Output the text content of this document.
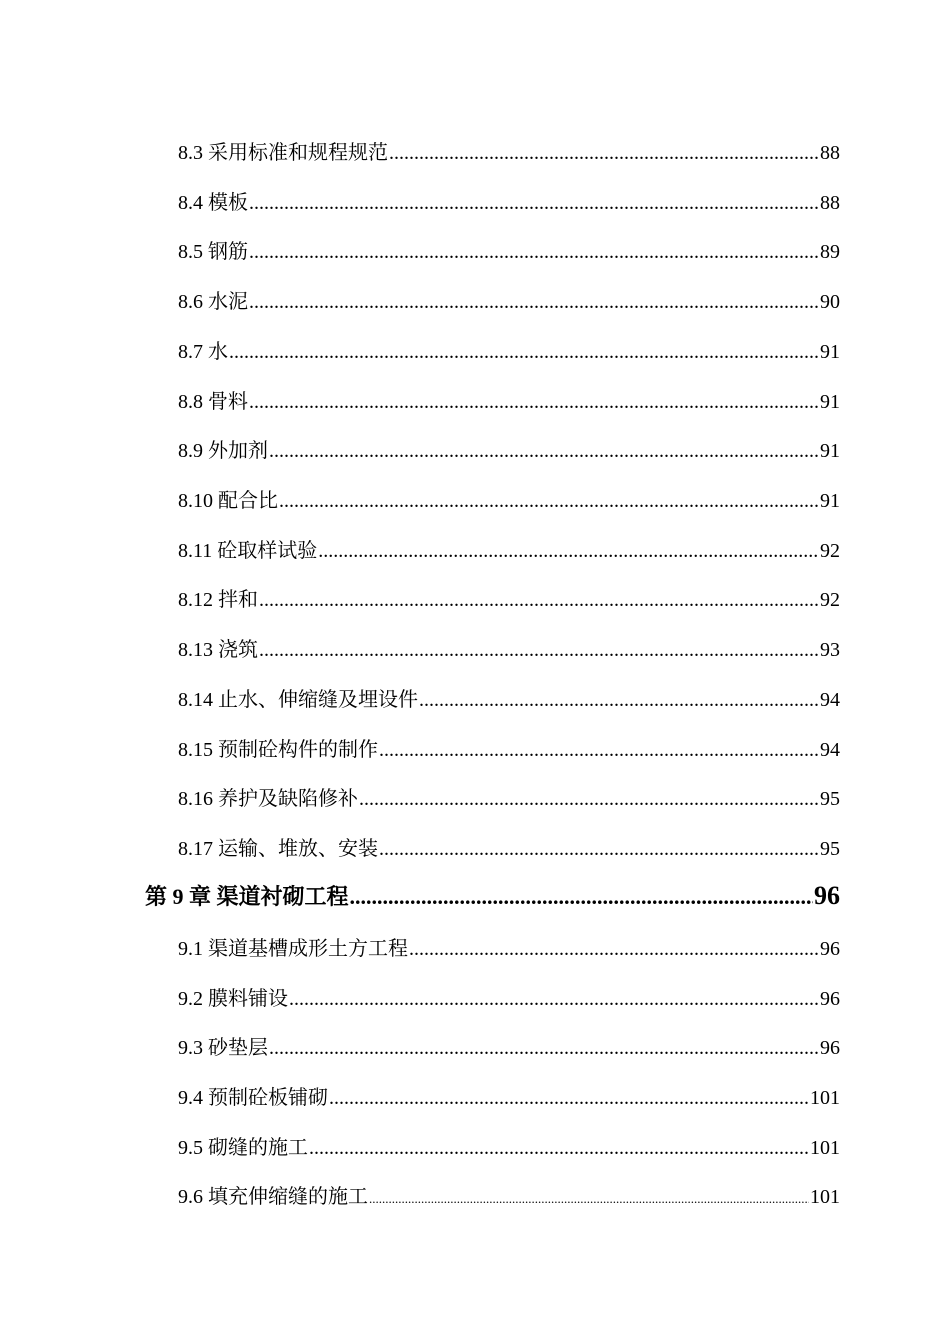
8.3 采用标准和规程规范 .....	88
8.4 模板 .....	88
8.5 钢筋 .....	89
8.6 水泥 .....	90
8.7 水 .....	91
8.8 骨料 .....	91
8.9 外加剂 .....	91
8.10 配合比 .....	91
8.11 砼取样试验 .....	92
8.12 拌和 .....	92
8.13 浇筑 .....	93
8.14 止水、伸缩缝及埋设件 .....	94
8.15 预制砼构件的制作 .....	94
8.16 养护及缺陷修补 .....	95
8.17 运输、堆放、安装 .....	95
第 9 章 渠道衬砌工程 .....	96
9.1 渠道基槽成形土方工程 .....	96
9.2 膜料铺设 .....	96
9.3 砂垫层 .....	96
9.4 预制砼板铺砌 .....	101
9.5 砌缝的施工 .....	101
9.6 填充伸缩缝的施工 .....	101
